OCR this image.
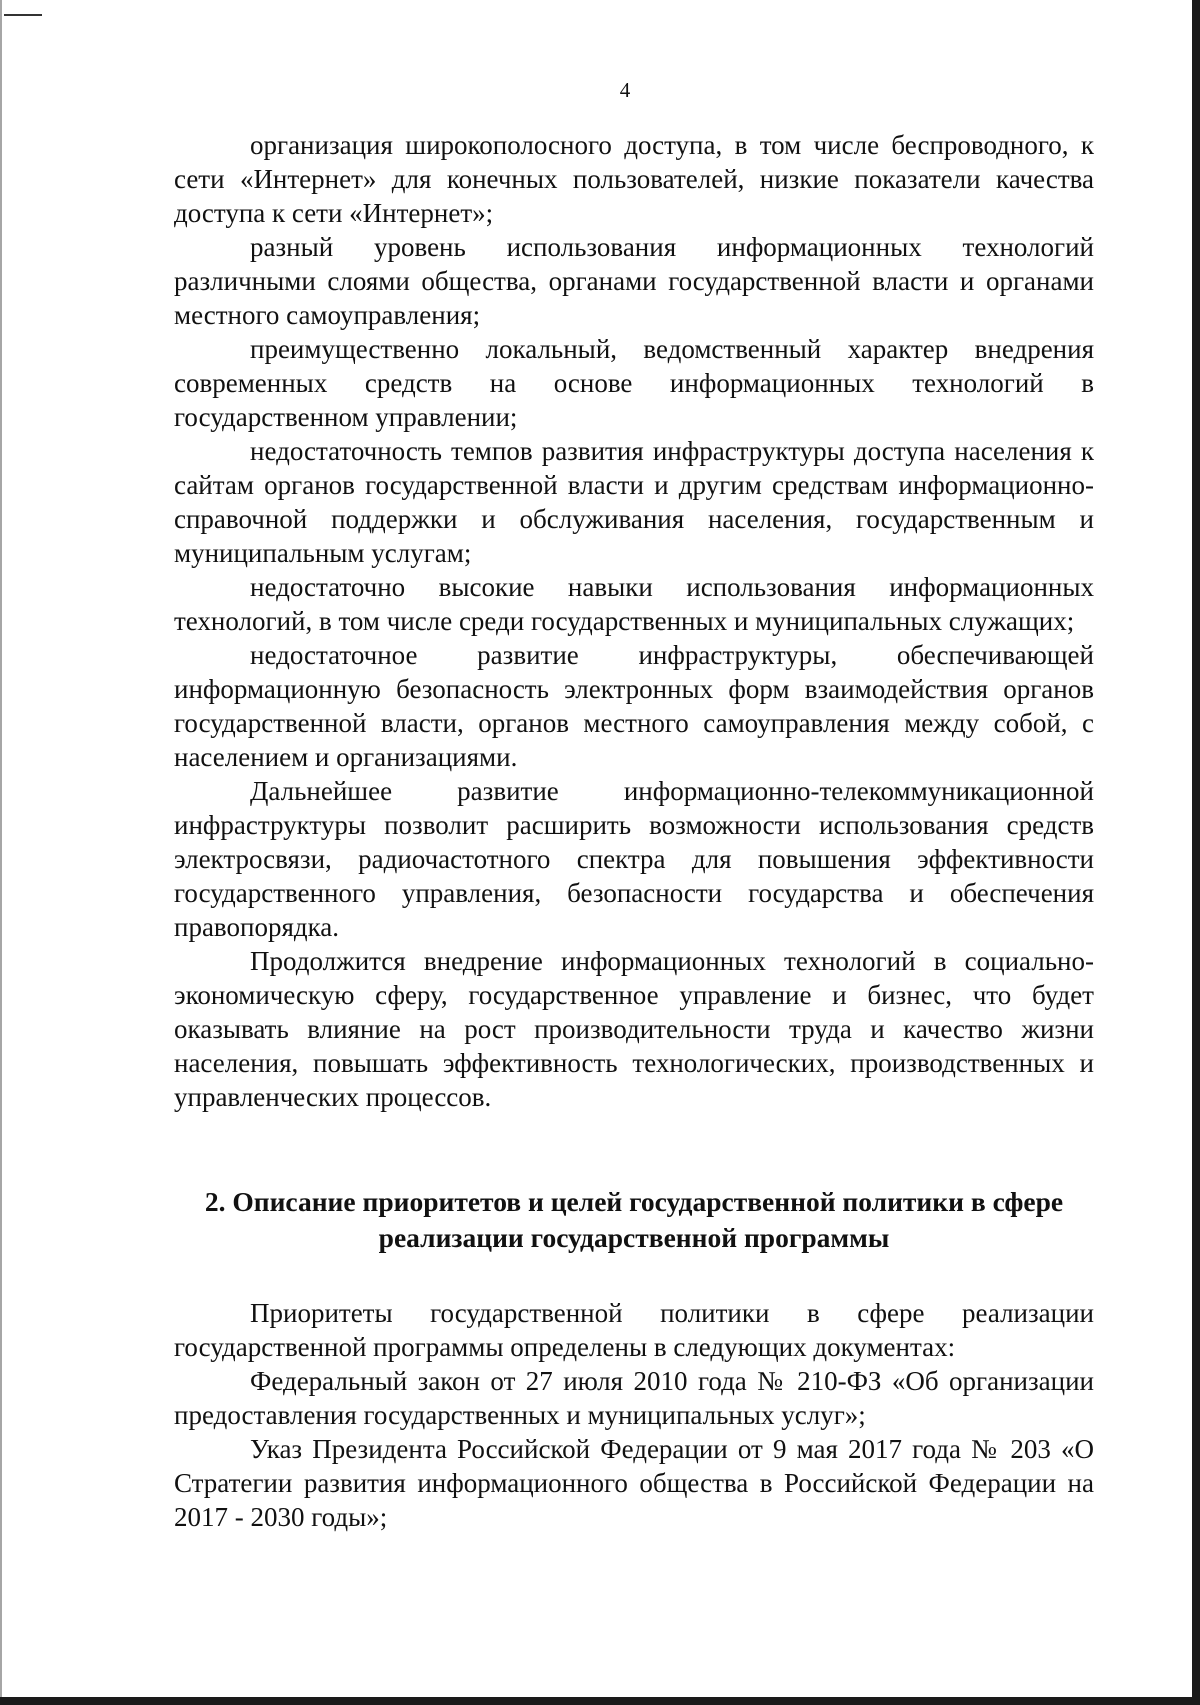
4

организация широкополосного доступа, в том числе беспроводного, к сети «Интернет» для конечных пользователей, низкие показатели качества доступа к сети «Интернет»;

разный уровень использования информационных технологий различными слоями общества, органами государственной власти и органами местного самоуправления;

преимущественно локальный, ведомственный характер внедрения современных средств на основе информационных технологий в государственном управлении;

недостаточность темпов развития инфраструктуры доступа населения к сайтам органов государственной власти и другим средствам информационно-справочной поддержки и обслуживания населения, государственным и муниципальным услугам;

недостаточно высокие навыки использования информационных технологий, в том числе среди государственных и муниципальных служащих;

недостаточное развитие инфраструктуры, обеспечивающей информационную безопасность электронных форм взаимодействия органов государственной власти, органов местного самоуправления между собой, с населением и организациями.

Дальнейшее развитие информационно-телекоммуникационной инфраструктуры позволит расширить возможности использования средств электросвязи, радиочастотного спектра для повышения эффективности государственного управления, безопасности государства и обеспечения правопорядка.

Продолжится внедрение информационных технологий в социально-экономическую сферу, государственное управление и бизнес, что будет оказывать влияние на рост производительности труда и качество жизни населения, повышать эффективность технологических, производственных и управленческих процессов.

2. Описание приоритетов и целей государственной политики в сфере
реализации государственной программы

Приоритеты государственной политики в сфере реализации государственной программы определены в следующих документах:

Федеральный закон от 27 июля 2010 года № 210-ФЗ «Об организации предоставления государственных и муниципальных услуг»;

Указ Президента Российской Федерации от 9 мая 2017 года № 203 «О Стратегии развития информационного общества в Российской Федерации на 2017 - 2030 годы»;
